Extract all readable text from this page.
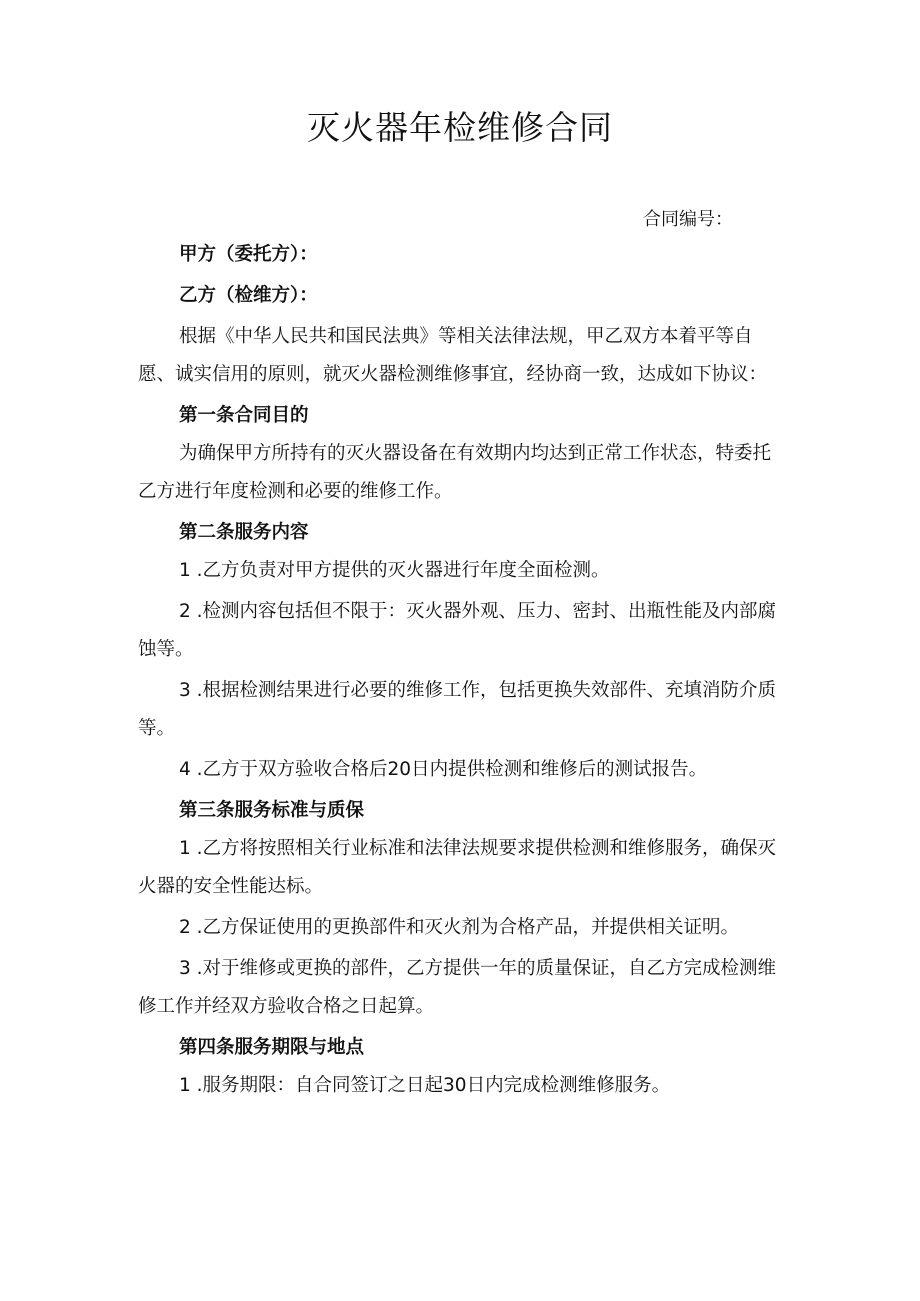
灭火器年检维修合同
合同编号：

甲方（委托方）：

乙方（检维方）：

根据《中华人民共和国民法典》等相关法律法规，甲乙双方本着平等自愿、诚实信用的原则，就灭火器检测维修事宜，经协商一致，达成如下协议：

第一条合同目的

为确保甲方所持有的灭火器设备在有效期内均达到正常工作状态，特委托乙方进行年度检测和必要的维修工作。

第二条服务内容

1 .乙方负责对甲方提供的灭火器进行年度全面检测。

2 .检测内容包括但不限于：灭火器外观、压力、密封、出瓶性能及内部腐蚀等。

3 .根据检测结果进行必要的维修工作，包括更换失效部件、充填消防介质等。

4 .乙方于双方验收合格后20日内提供检测和维修后的测试报告。

第三条服务标准与质保

1 .乙方将按照相关行业标准和法律法规要求提供检测和维修服务，确保灭火器的安全性能达标。

2 .乙方保证使用的更换部件和灭火剂为合格产品，并提供相关证明。

3 .对于维修或更换的部件，乙方提供一年的质量保证，自乙方完成检测维修工作并经双方验收合格之日起算。

第四条服务期限与地点

1 .服务期限：自合同签订之日起30日内完成检测维修服务。
